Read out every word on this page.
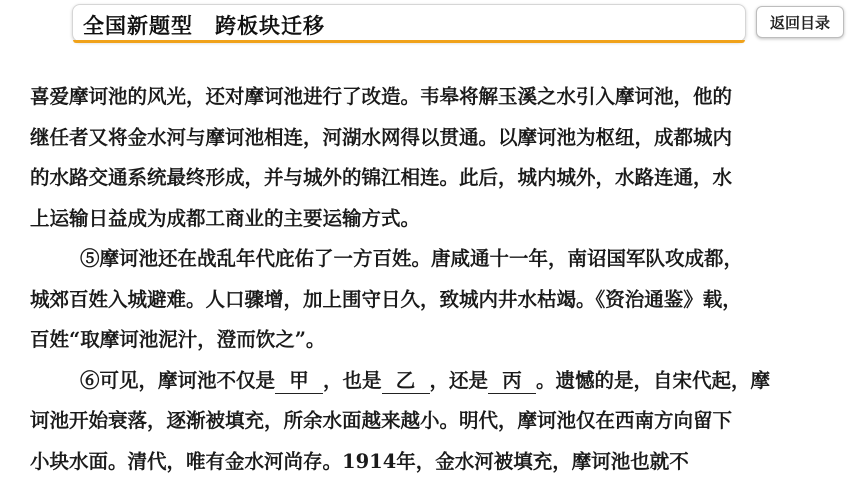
全国新题型　跨板块迁移	返回目录
喜爱摩诃池的风光，还对摩诃池进行了改造。韦皋将解玉溪之水引入摩诃池，他的
继任者又将金水河与摩诃池相连，河湖水网得以贯通。以摩诃池为枢纽，成都城内
的水路交通系统最终形成，并与城外的锦江相连。此后，城内城外，水路连通，水
上运输日益成为成都工商业的主要运输方式。
⑤摩诃池还在战乱年代庇佑了一方百姓。唐咸通十一年，南诏国军队攻成都，
城郊百姓入城避难。人口骤增，加上围守日久，致城内井水枯竭。《资治通鉴》载，
百姓“取摩诃池泥汁，澄而饮之”。
⑥可见，摩诃池不仅是 甲 ，也是 乙 ，还是 丙 。遗憾的是，自宋代起，摩
诃池开始衰落，逐渐被填充，所余水面越来越小。明代，摩诃池仅在西南方向留下
小块水面。清代，唯有金水河尚存。1914年，金水河被填充，摩诃池也就不
